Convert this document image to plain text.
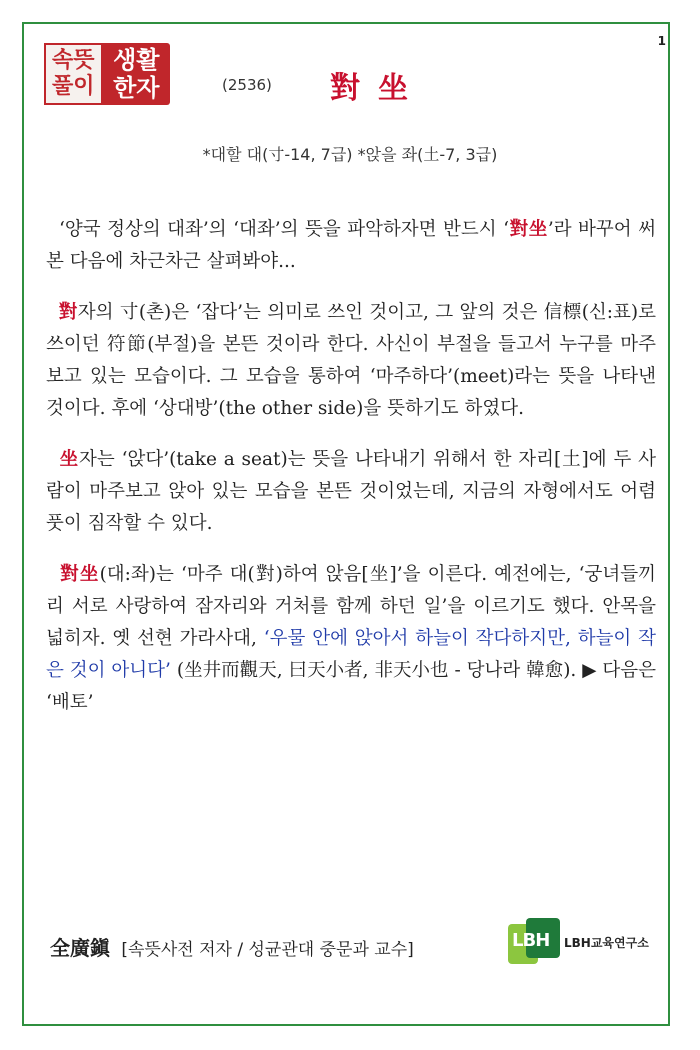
1
속뜻
풀이
생활
한자	(2536) 對坐
*대할 대(寸-14, 7급) *앉을 좌(土-7, 3급)

‘양국 정상의 대좌’의 ‘대좌’의 뜻을 파악하자면 반드시 ‘對坐’라 바꾸어 써본 다음에 차근차근 살펴봐야...

對자의 寸(촌)은 ‘잡다’는 의미로 쓰인 것이고, 그 앞의 것은 信標(신:표)로 쓰이던 符節(부절)을 본뜬 것이라 한다. 사신이 부절을 들고서 누구를 마주보고 있는 모습이다. 그 모습을 통하여 ‘마주하다’(meet)라는 뜻을 나타낸 것이다. 후에 ‘상대방’(the other side)을 뜻하기도 하였다.

坐자는 ‘앉다’(take a seat)는 뜻을 나타내기 위해서 한 자리[土]에 두 사람이 마주보고 앉아 있는 모습을 본뜬 것이었는데, 지금의 자형에서도 어렴풋이 짐작할 수 있다.

對坐(대:좌)는 ‘마주 대(對)하여 앉음[坐]’을 이른다. 예전에는, ‘궁녀들끼리 서로 사랑하여 잠자리와 거처를 함께 하던 일’을 이르기도 했다. 안목을 넓히자. 옛 선현 가라사대, ‘우물 안에 앉아서 하늘이 작다하지만, 하늘이 작은 것이 아니다’ (坐井而觀天, 曰天小者, 非天小也 - 당나라 韓愈). ▶ 다음은 ‘배토’

全廣鎭 [속뜻사전 저자 / 성균관대 중문과 교수]	LBH LBH교육연구소
